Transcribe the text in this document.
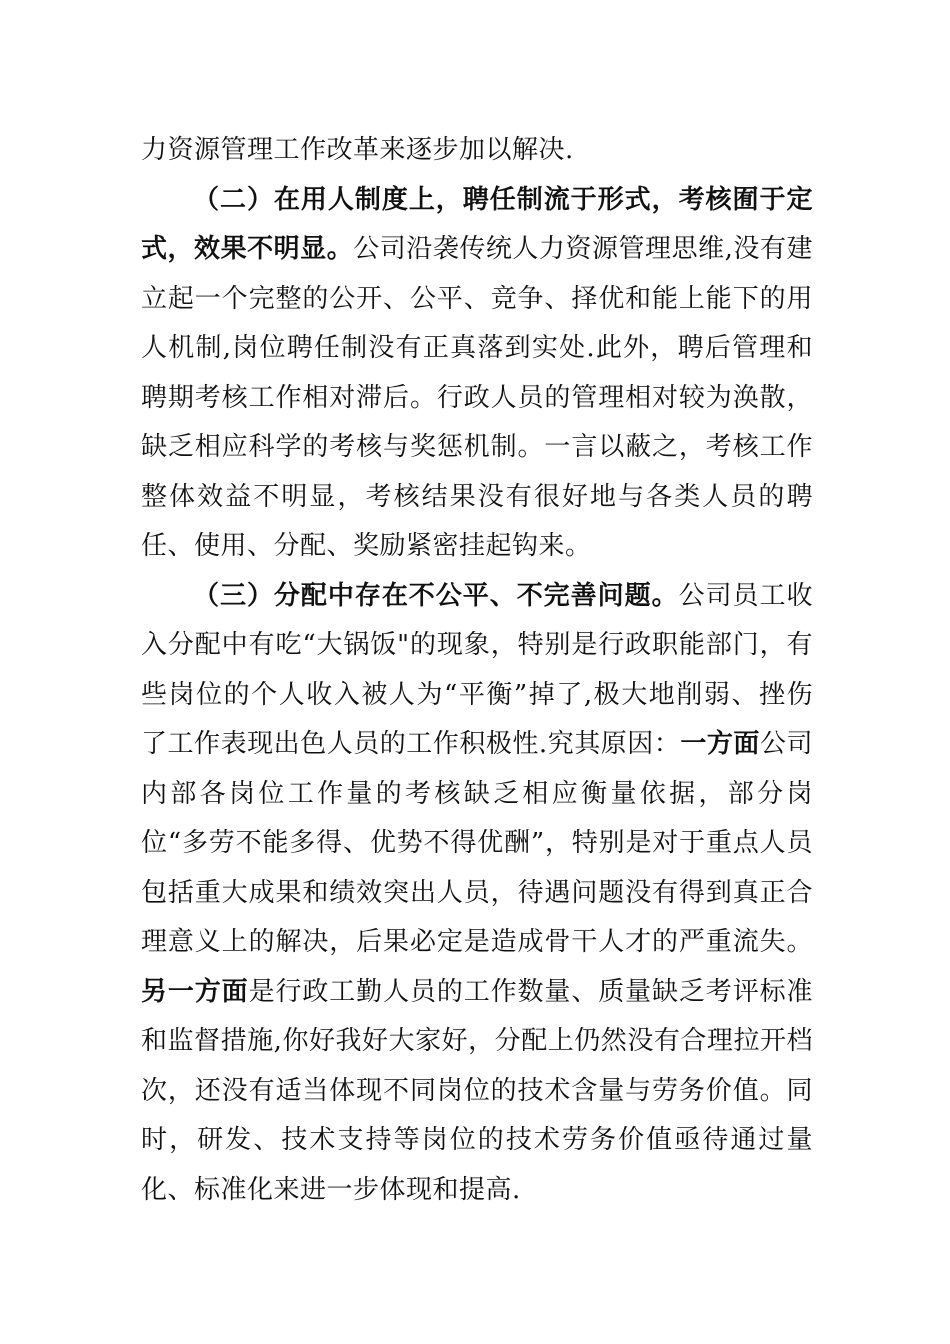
力资源管理工作改革来逐步加以解决.

（二）在用人制度上，聘任制流于形式，考核囿于定式，效果不明显。公司沿袭传统人力资源管理思维,没有建立起一个完整的公开、公平、竞争、择优和能上能下的用人机制,岗位聘任制没有正真落到实处.此外，聘后管理和聘期考核工作相对滞后。行政人员的管理相对较为涣散，缺乏相应科学的考核与奖惩机制。一言以蔽之，考核工作整体效益不明显，考核结果没有很好地与各类人员的聘任、使用、分配、奖励紧密挂起钩来。

（三）分配中存在不公平、不完善问题。公司员工收入分配中有吃“大锅饭"的现象，特别是行政职能部门，有些岗位的个人收入被人为“平衡”掉了,极大地削弱、挫伤了工作表现出色人员的工作积极性.究其原因：一方面公司内部各岗位工作量的考核缺乏相应衡量依据，部分岗位“多劳不能多得、优势不得优酬”，特别是对于重点人员包括重大成果和绩效突出人员，待遇问题没有得到真正合理意义上的解决，后果必定是造成骨干人才的严重流失。另一方面是行政工勤人员的工作数量、质量缺乏考评标准和监督措施,你好我好大家好，分配上仍然没有合理拉开档次，还没有适当体现不同岗位的技术含量与劳务价值。同时，研发、技术支持等岗位的技术劳务价值亟待通过量化、标准化来进一步体现和提高.
